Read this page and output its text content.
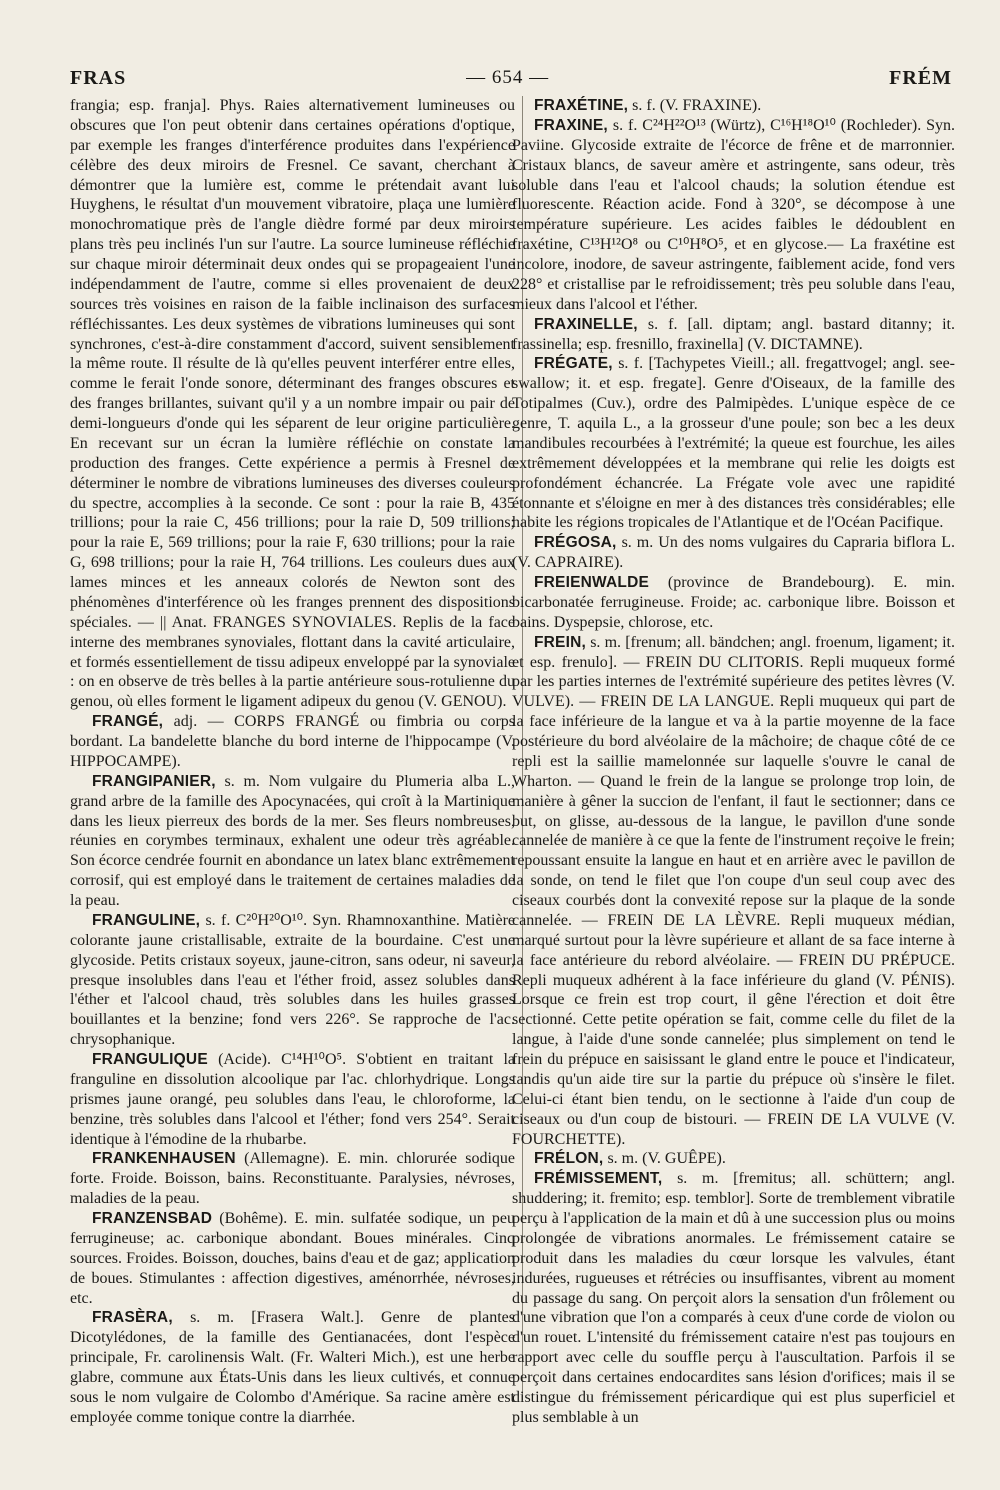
FRAS	— 654 —	FRÉM

frangia; esp. franja]. Phys. Raies alternativement lumineuses ou obscures que l'on peut obtenir dans certaines opérations d'optique, par exemple les franges d'interférence produites dans l'expérience célèbre des deux miroirs de Fresnel. Ce savant, cherchant à démontrer que la lumière est, comme le prétendait avant lui Huyghens, le résultat d'un mouvement vibratoire, plaça une lumière monochromatique près de l'angle dièdre formé par deux miroirs plans très peu inclinés l'un sur l'autre. La source lumineuse réfléchie sur chaque miroir déterminait deux ondes qui se propageaient l'une indépendamment de l'autre, comme si elles provenaient de deux sources très voisines en raison de la faible inclinaison des surfaces réfléchissantes. Les deux systèmes de vibrations lumineuses qui sont synchrones, c'est-à-dire constamment d'accord, suivent sensiblement la même route. Il résulte de là qu'elles peuvent interférer entre elles, comme le ferait l'onde sonore, déterminant des franges obscures et des franges brillantes, suivant qu'il y a un nombre impair ou pair de demi-longueurs d'onde qui les séparent de leur origine particulière. En recevant sur un écran la lumière réfléchie on constate la production des franges. Cette expérience a permis à Fresnel de déterminer le nombre de vibrations lumineuses des diverses couleurs du spectre, accomplies à la seconde. Ce sont : pour la raie B, 435 trillions; pour la raie C, 456 trillions; pour la raie D, 509 trillions; pour la raie E, 569 trillions; pour la raie F, 630 trillions; pour la raie G, 698 trillions; pour la raie H, 764 trillions. Les couleurs dues aux lames minces et les anneaux colorés de Newton sont des phénomènes d'interférence où les franges prennent des dispositions spéciales. — || Anat. FRANGES SYNOVIALES. Replis de la face interne des membranes synoviales, flottant dans la cavité articulaire, et formés essentiellement de tissu adipeux enveloppé par la synoviale : on en observe de très belles à la partie antérieure sous-rotulienne du genou, où elles forment le ligament adipeux du genou (V. GENOU).

FRANGÉ, adj. — CORPS FRANGÉ ou fimbria ou corps bordant. La bandelette blanche du bord interne de l'hippocampe (V. HIPPOCAMPE).

FRANGIPANIER, s. m. Nom vulgaire du Plumeria alba L., grand arbre de la famille des Apocynacées, qui croît à la Martinique dans les lieux pierreux des bords de la mer. Ses fleurs nombreuses, réunies en corymbes terminaux, exhalent une odeur très agréable. Son écorce cendrée fournit en abondance un latex blanc extrêmement corrosif, qui est employé dans le traitement de certaines maladies de la peau.

FRANGULINE, s. f. C²⁰H²⁰O¹⁰. Syn. Rhamnoxanthine. Matière colorante jaune cristallisable, extraite de la bourdaine. C'est une glycoside. Petits cristaux soyeux, jaune-citron, sans odeur, ni saveur, presque insolubles dans l'eau et l'éther froid, assez solubles dans l'éther et l'alcool chaud, très solubles dans les huiles grasses bouillantes et la benzine; fond vers 226°. Se rapproche de l'ac. chrysophanique.

FRANGULIQUE (Acide). C¹⁴H¹⁰O⁵. S'obtient en traitant la franguline en dissolution alcoolique par l'ac. chlorhydrique. Longs prismes jaune orangé, peu solubles dans l'eau, le chloroforme, la benzine, très solubles dans l'alcool et l'éther; fond vers 254°. Serait identique à l'émodine de la rhubarbe.

FRANKENHAUSEN (Allemagne). E. min. chlorurée sodique forte. Froide. Boisson, bains. Reconstituante. Paralysies, névroses, maladies de la peau.

FRANZENSBAD (Bohême). E. min. sulfatée sodique, un peu ferrugineuse; ac. carbonique abondant. Boues minérales. Cinq sources. Froides. Boisson, douches, bains d'eau et de gaz; application de boues. Stimulantes : affection digestives, aménorrhée, névroses, etc.

FRASÈRA, s. m. [Frasera Walt.]. Genre de plantes Dicotylédones, de la famille des Gentianacées, dont l'espèce principale, Fr. carolinensis Walt. (Fr. Walteri Mich.), est une herbe glabre, commune aux États-Unis dans les lieux cultivés, et connue sous le nom vulgaire de Colombo d'Amérique. Sa racine amère est employée comme tonique contre la diarrhée.

FRAXÉTINE, s. f. (V. FRAXINE).

FRAXINE, s. f. C²⁴H²²O¹³ (Würtz), C¹⁶H¹⁸O¹⁰ (Rochleder). Syn. Paviine. Glycoside extraite de l'écorce de frêne et de marronnier. Cristaux blancs, de saveur amère et astringente, sans odeur, très soluble dans l'eau et l'alcool chauds; la solution étendue est fluorescente. Réaction acide. Fond à 320°, se décompose à une température supérieure. Les acides faibles le dédoublent en fraxétine, C¹³H¹²O⁸ ou C¹⁰H⁸O⁵, et en glycose.— La fraxétine est incolore, inodore, de saveur astringente, faiblement acide, fond vers 228° et cristallise par le refroidissement; très peu soluble dans l'eau, mieux dans l'alcool et l'éther.

FRAXINELLE, s. f. [all. diptam; angl. bastard ditanny; it. frassinella; esp. fresnillo, fraxinella] (V. DICTAMNE).

FRÉGATE, s. f. [Tachypetes Vieill.; all. fregattvogel; angl. see-swallow; it. et esp. fregate]. Genre d'Oiseaux, de la famille des Totipalmes (Cuv.), ordre des Palmipèdes. L'unique espèce de ce genre, T. aquila L., a la grosseur d'une poule; son bec a les deux mandibules recourbées à l'extrémité; la queue est fourchue, les ailes extrêmement développées et la membrane qui relie les doigts est profondément échancrée. La Frégate vole avec une rapidité étonnante et s'éloigne en mer à des distances très considérables; elle habite les régions tropicales de l'Atlantique et de l'Océan Pacifique.

FRÉGOSA, s. m. Un des noms vulgaires du Capraria biflora L. (V. CAPRAIRE).

FREIENWALDE (province de Brandebourg). E. min. bicarbonatée ferrugineuse. Froide; ac. carbonique libre. Boisson et bains. Dyspepsie, chlorose, etc.

FREIN, s. m. [frenum; all. bändchen; angl. froenum, ligament; it. et esp. frenulo]. — FREIN DU CLITORIS. Repli muqueux formé par les parties internes de l'extrémité supérieure des petites lèvres (V. VULVE). — FREIN DE LA LANGUE. Repli muqueux qui part de la face inférieure de la langue et va à la partie moyenne de la face postérieure du bord alvéolaire de la mâchoire; de chaque côté de ce repli est la saillie mamelonnée sur laquelle s'ouvre le canal de Wharton. — Quand le frein de la langue se prolonge trop loin, de manière à gêner la succion de l'enfant, il faut le sectionner; dans ce but, on glisse, au-dessous de la langue, le pavillon d'une sonde cannelée de manière à ce que la fente de l'instrument reçoive le frein; repoussant ensuite la langue en haut et en arrière avec le pavillon de la sonde, on tend le filet que l'on coupe d'un seul coup avec des ciseaux courbés dont la convexité repose sur la plaque de la sonde cannelée. — FREIN DE LA LÈVRE. Repli muqueux médian, marqué surtout pour la lèvre supérieure et allant de sa face interne à la face antérieure du rebord alvéolaire. — FREIN DU PRÉPUCE. Repli muqueux adhérent à la face inférieure du gland (V. PÉNIS). Lorsque ce frein est trop court, il gêne l'érection et doit être sectionné. Cette petite opération se fait, comme celle du filet de la langue, à l'aide d'une sonde cannelée; plus simplement on tend le frein du prépuce en saisissant le gland entre le pouce et l'indicateur, tandis qu'un aide tire sur la partie du prépuce où s'insère le filet. Celui-ci étant bien tendu, on le sectionne à l'aide d'un coup de ciseaux ou d'un coup de bistouri. — FREIN DE LA VULVE (V. FOURCHETTE).

FRÉLON, s. m. (V. GUÊPE).

FRÉMISSEMENT, s. m. [fremitus; all. schüttern; angl. shuddering; it. fremito; esp. temblor]. Sorte de tremblement vibratile perçu à l'application de la main et dû à une succession plus ou moins prolongée de vibrations anormales. Le frémissement cataire se produit dans les maladies du cœur lorsque les valvules, étant indurées, rugueuses et rétrécies ou insuffisantes, vibrent au moment du passage du sang. On perçoit alors la sensation d'un frôlement ou d'une vibration que l'on a comparés à ceux d'une corde de violon ou d'un rouet. L'intensité du frémissement cataire n'est pas toujours en rapport avec celle du souffle perçu à l'auscultation. Parfois il se perçoit dans certaines endocardites sans lésion d'orifices; mais il se distingue du frémissement péricardique qui est plus superficiel et plus semblable à un
